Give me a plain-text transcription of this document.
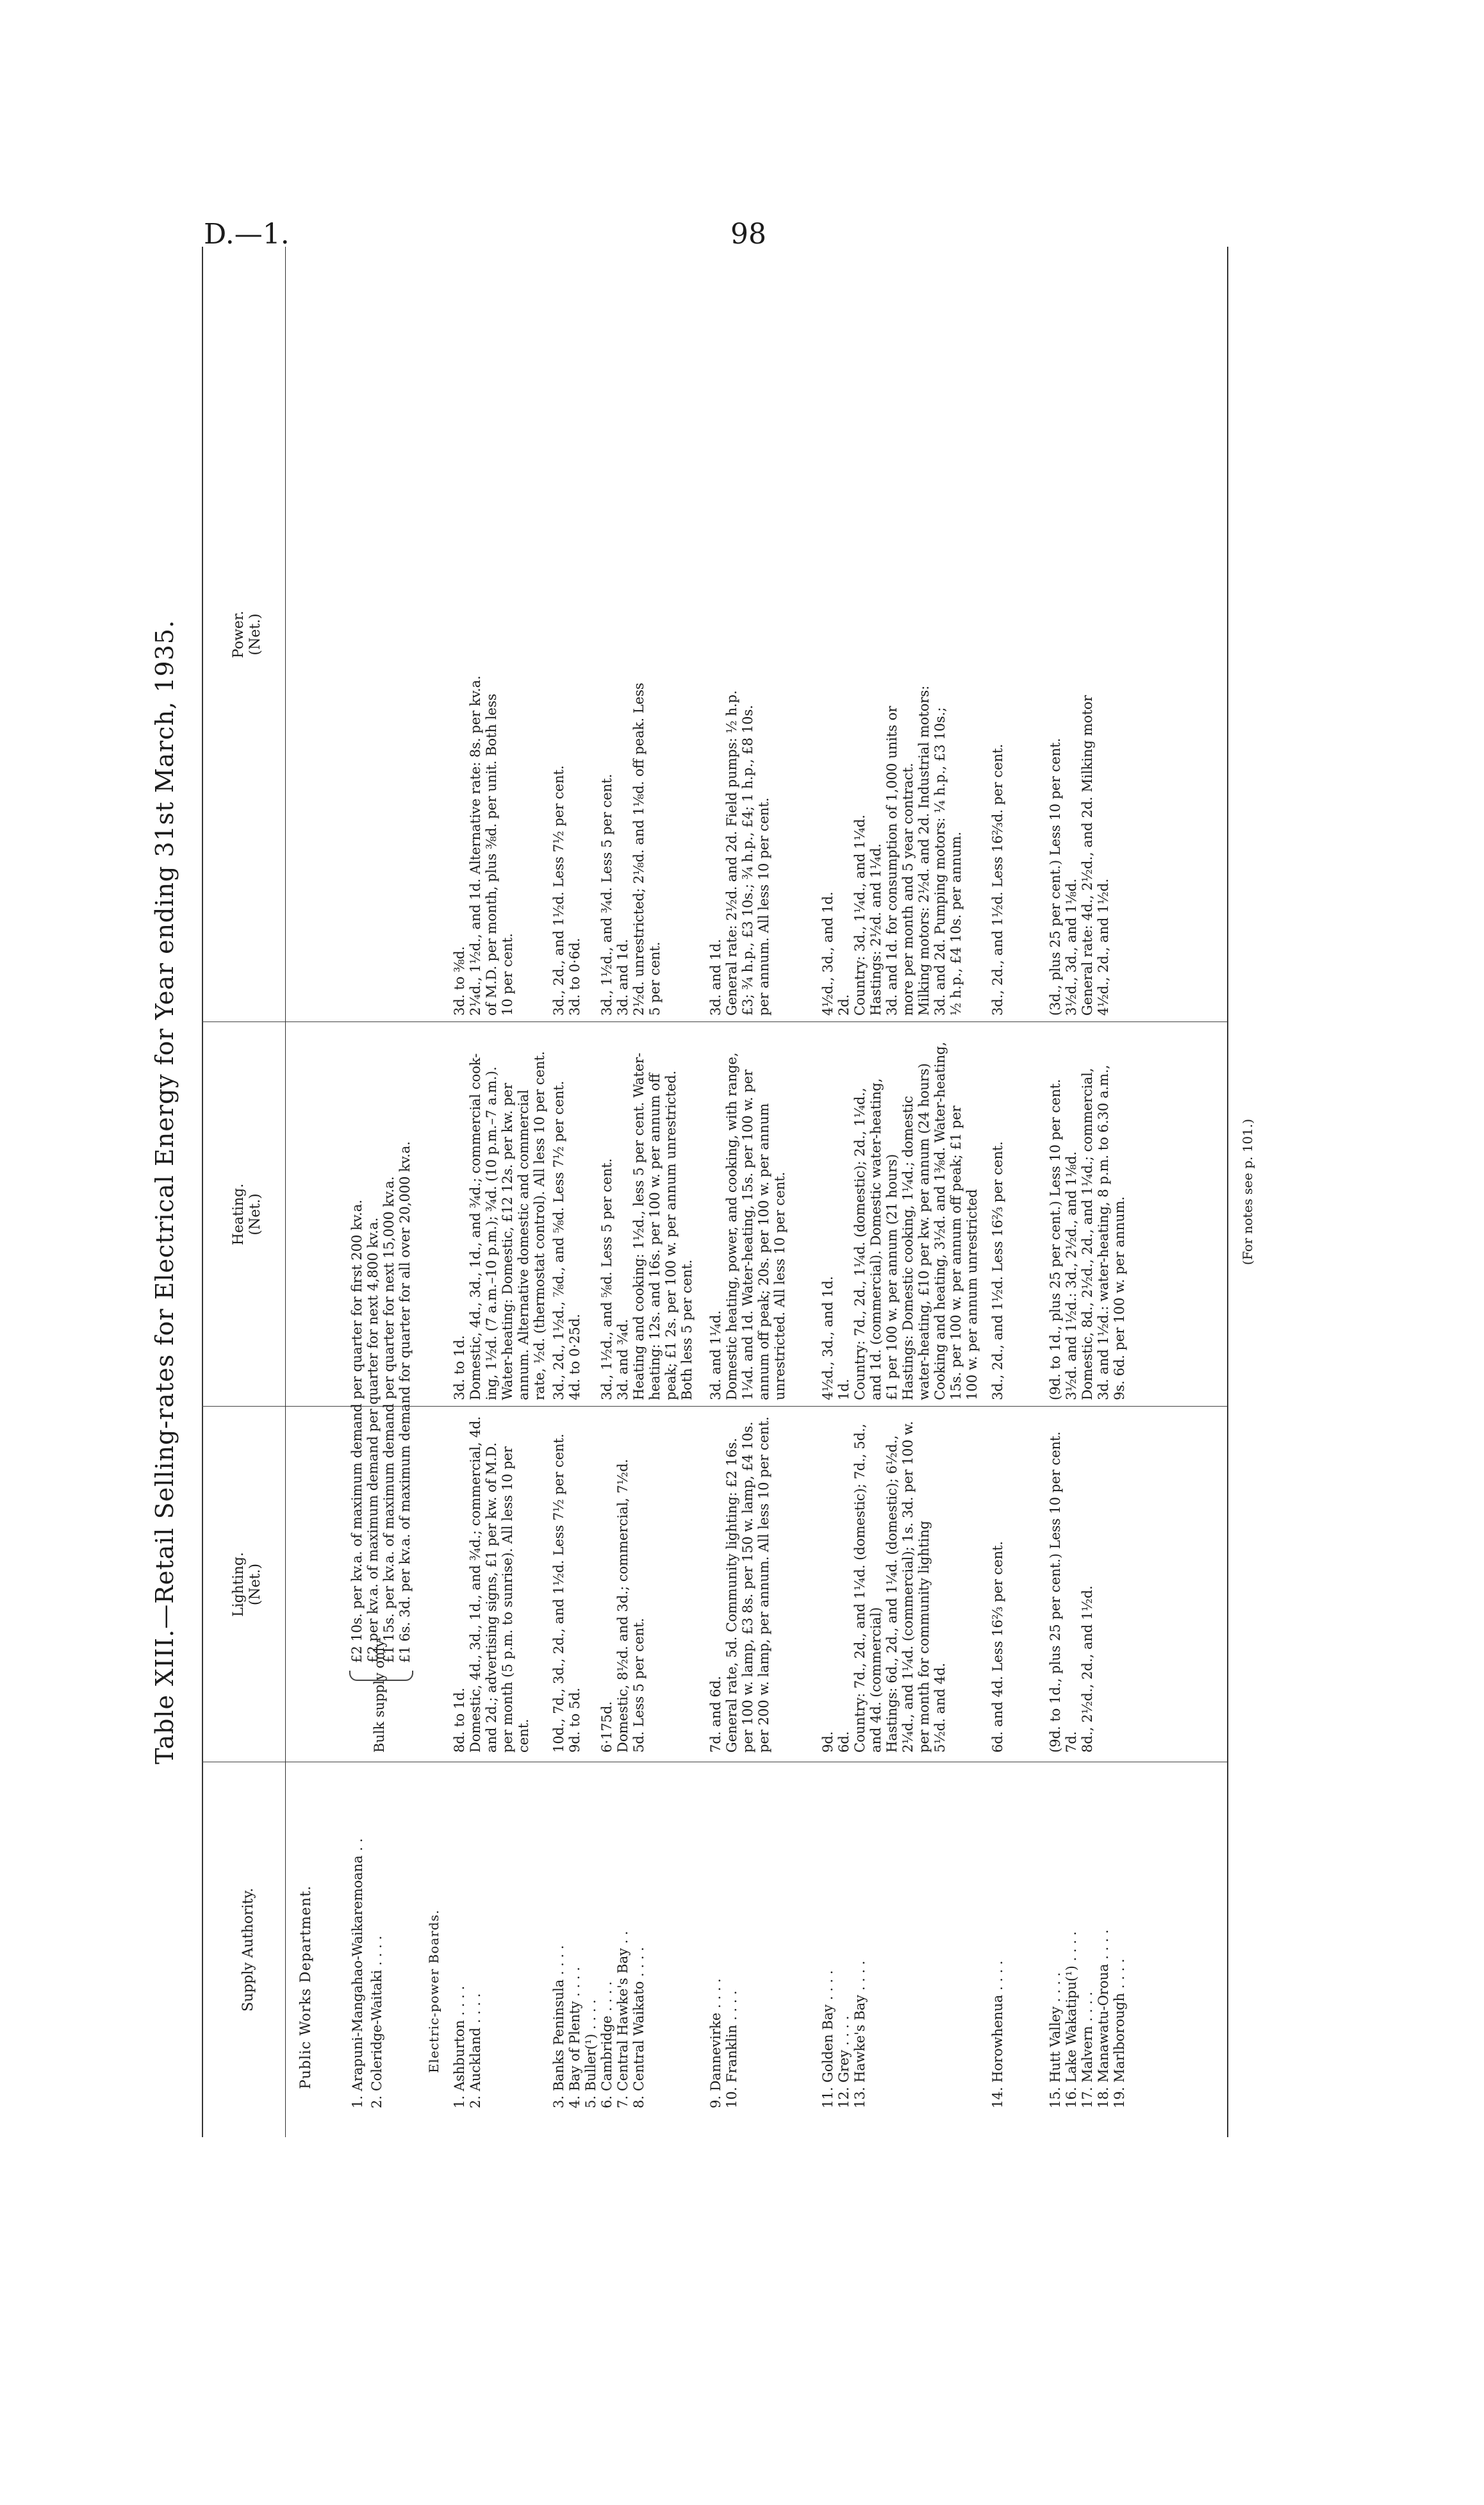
D.—1.	98
Table XIII.—Retail Selling-rates for Electrical Energy for Year ending 31st March, 1935.
Supply Authority.
Lighting.
(Net.)
Heating.
(Net.)
Power.
(Net.)
Public Works Department.	1. Arapuni-Mangahao-Waikaremoana . . 2. Coleridge-Waitaki . . . .
Bulk supply only
£2 10s. per kv.a. of maximum demand per quarter for first 200 kv.a.
£2 per kv.a. of maximum demand per quarter for next 4,800 kv.a.
£1 15s. per kv.a. of maximum demand per quarter for next 15,000 kv.a.
£1 6s. 3d. per kv.a. of maximum demand for quarter for all over 20,000 kv.a.
Electric-power Boards.
1. Ashburton . . . .
2. Auckland . . . .
8d. to 1d.
Domestic, 4d., 3d., 1d., and ¾d.; commercial, 4d.
and 2d.; advertising signs, £1 per kw. of M.D.
per month (5 p.m. to sunrise). All less 10 per
cent.
3d. to 1d.
Domestic, 4d., 3d., 1d., and ¾d.; commercial cook-
ing, 1½d. (7 a.m.–10 p.m.); ¾d. (10 p.m.–7 a.m.).
Water-heating: Domestic, £12 12s. per kw. per
annum. Alternative domestic and commercial
rate, ½d. (thermostat control). All less 10 per cent.
3d. to ⅜d.
2¼d., 1½d., and 1d. Alternative rate: 8s. per kv.a.
of M.D. per month, plus ⅜d. per unit. Both less
10 per cent.
3. Banks Peninsula . . . .
4. Bay of Plenty . . . .
5. Buller(¹) . . . .
6. Cambridge . . . .
7. Central Hawke's Bay . .
8. Central Waikato . . . .
10d., 7d., 3d., 2d., and 1½d. Less 7½ per cent.
9d. to 5d.

6·175d.
Domestic, 8½d. and 3d.; commercial, 7½d.
5d. Less 5 per cent.
3d., 2d., 1½d., ⅞d., and ⅝d. Less 7½ per cent.
4d. to 0·25d.

3d., 1½d., and ⅝d. Less 5 per cent.
3d. and ¾d.
Heating and cooking: 1½d., less 5 per cent. Water-
heating: 12s. and 16s. per 100 w. per annum off
peak; £1 2s. per 100 w. per annum unrestricted.
Both less 5 per cent.
3d., 2d., and 1½d. Less 7½ per cent.
3d. to 0·6d.

3d., 1½d., and ¾d. Less 5 per cent.
3d. and 1d.
2½d. unrestricted; 2⅛d. and 1⅛d. off peak. Less
5 per cent.
9. Dannevirke . . . .
10. Franklin . . . .
7d. and 6d.
General rate, 5d. Community lighting: £2 16s.
per 100 w. lamp, £3 8s. per 150 w. lamp, £4 10s.
per 200 w. lamp, per annum. All less 10 per cent.
3d. and 1¼d.
Domestic heating, power, and cooking, with range,
1¼d. and 1d. Water-heating, 15s. per 100 w. per
annum off peak; 20s. per 100 w. per annum
unrestricted. All less 10 per cent.
3d. and 1d.
General rate: 2½d. and 2d. Field pumps: ½ h.p.
£3; ¾ h.p., £3 10s.; ¾ h.p., £4; 1 h.p., £8 10s.
per annum. All less 10 per cent.
11. Golden Bay . . . .
12. Grey . . . .
13. Hawke's Bay . . . .
9d.
6d.
Country: 7d., 2d., and 1¼d. (domestic); 7d., 5d.,
and 4d. (commercial)
Hastings: 6d., 2d., and 1¼d. (domestic); 6½d.,
2¼d., and 1¼d. (commercial); 1s. 3d. per 100 w.
per month for community lighting
5½d. and 4d.
4½d., 3d., and 1d.
1d.
Country: 7d., 2d., 1¼d. (domestic); 2d., 1¼d.,
and 1d. (commercial). Domestic water-heating,
£1 per 100 w. per annum (21 hours)
Hastings: Domestic cooking, 1¼d.; domestic
water-heating, £10 per kw. per annum (24 hours)
Cooking and heating, 3½d. and 1⅜d. Water-heating,
15s. per 100 w. per annum off peak; £1 per
100 w. per annum unrestricted
4½d., 3d., and 1d.
2d.
Country: 3d., 1¼d., and 1¼d.
Hastings: 2½d. and 1¼d.
3d. and 1d. for consumption of 1,000 units or
more per month and 5 year contract.
Milking motors: 2½d. and 2d. Industrial motors:
3d. and 2d. Pumping motors: ¼ h.p., £3 10s.;
½ h.p., £4 10s. per annum.
14. Horowhenua . . . .
6d. and 4d. Less 16⅔ per cent.
3d., 2d., and 1½d. Less 16⅔ per cent.
3d., 2d., and 1½d. Less 16⅔d. per cent.
15. Hutt Valley . . . .
16. Lake Wakatipu(¹) . . . .
17. Malvern . . . .
18. Manawatu-Oroua . . . .
19. Marlborough . . . .
(9d. to 1d., plus 25 per cent.) Less 10 per cent.
7d.
8d., 2½d., 2d., and 1½d.
(9d. to 1d., plus 25 per cent.) Less 10 per cent.
3½d. and 1½d.: 3d., 2½d., and 1⅛d.
Domestic, 8d., 2½d., 2d., and 1¼d.; commercial,
3d. and 1½d.: water-heating, 8 p.m. to 6.30 a.m.,
9s. 6d. per 100 w. per annum.
(3d., plus 25 per cent.) Less 10 per cent.
3½d., 3d., and 1⅛d.
General rate: 4d., 2½d., and 2d. Milking motor
4½d., 2d., and 1½d.
(For notes see p. 101.)
